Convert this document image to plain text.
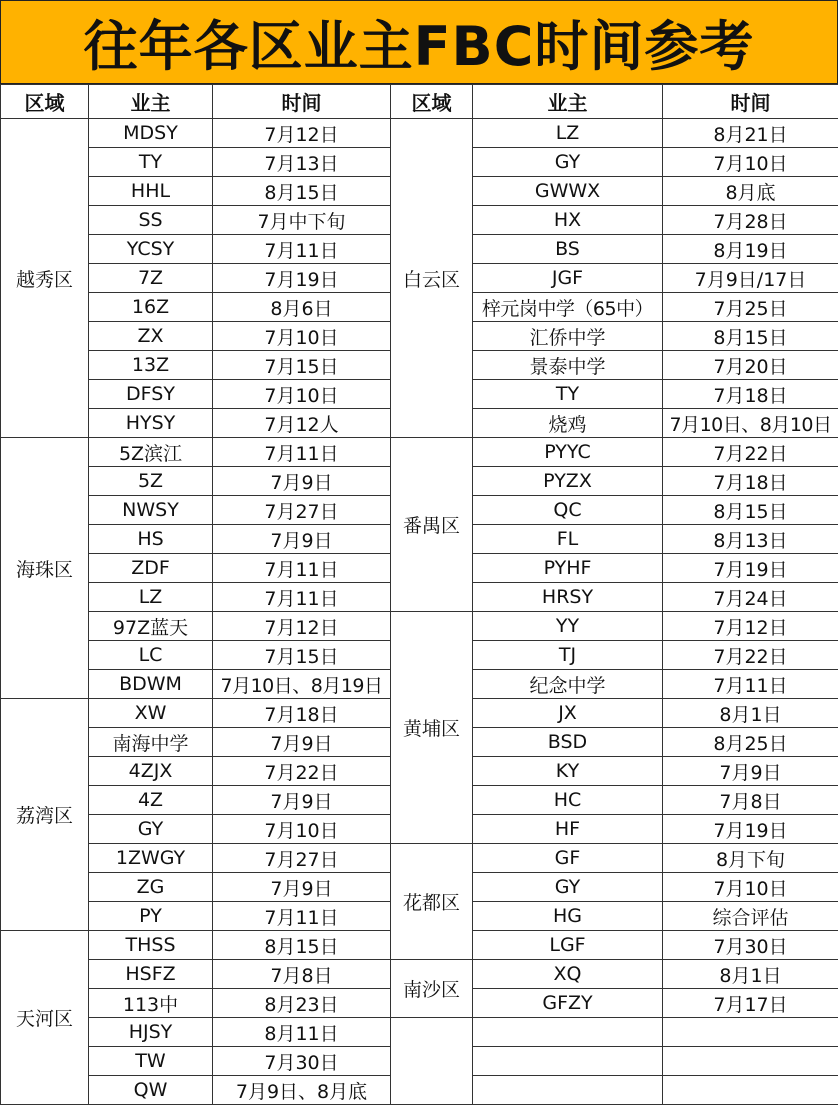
往年各区业主FBC时间参考
区域	业主	时间	区域	业主	时间
越秀区	MDSY	7月12日	白云区	LZ	8月21日
	TY	7月13日		GY	7月10日
	HHL	8月15日		GWWX	8月底
	SS	7月中下旬		HX	7月28日
	YCSY	7月11日		BS	8月19日
	7Z	7月19日		JGF	7月9日/17日
	16Z	8月6日		梓元岗中学（65中）	7月25日
	ZX	7月10日		汇侨中学	8月15日
	13Z	7月15日		景泰中学	7月20日
	DFSY	7月10日		TY	7月18日
	HYSY	7月12人		烧鸡	7月10日、8月10日
海珠区	5Z滨江	7月11日	番禺区	PYYC	7月22日
	5Z	7月9日		PYZX	7月18日
	NWSY	7月27日		QC	8月15日
	HS	7月9日		FL	8月13日
	ZDF	7月11日		PYHF	7月19日
	LZ	7月11日		HRSY	7月24日
	97Z蓝天	7月12日	黄埔区	YY	7月12日
	LC	7月15日		TJ	7月22日
	BDWM	7月10日、8月19日		纪念中学	7月11日
荔湾区	XW	7月18日		JX	8月1日
	南海中学	7月9日		BSD	8月25日
	4ZJX	7月22日		KY	7月9日
	4Z	7月9日		HC	7月8日
	GY	7月10日		HF	7月19日
	1ZWGY	7月27日	花都区	GF	8月下旬
	ZG	7月9日		GY	7月10日
	PY	7月11日		HG	综合评估
天河区	THSS	8月15日		LGF	7月30日
	HSFZ	7月8日	南沙区	XQ	8月1日
	113中	8月23日		GFZY	7月17日
	HJSY	8月11日			
	TW	7月30日			
	QW	7月9日、8月底			
